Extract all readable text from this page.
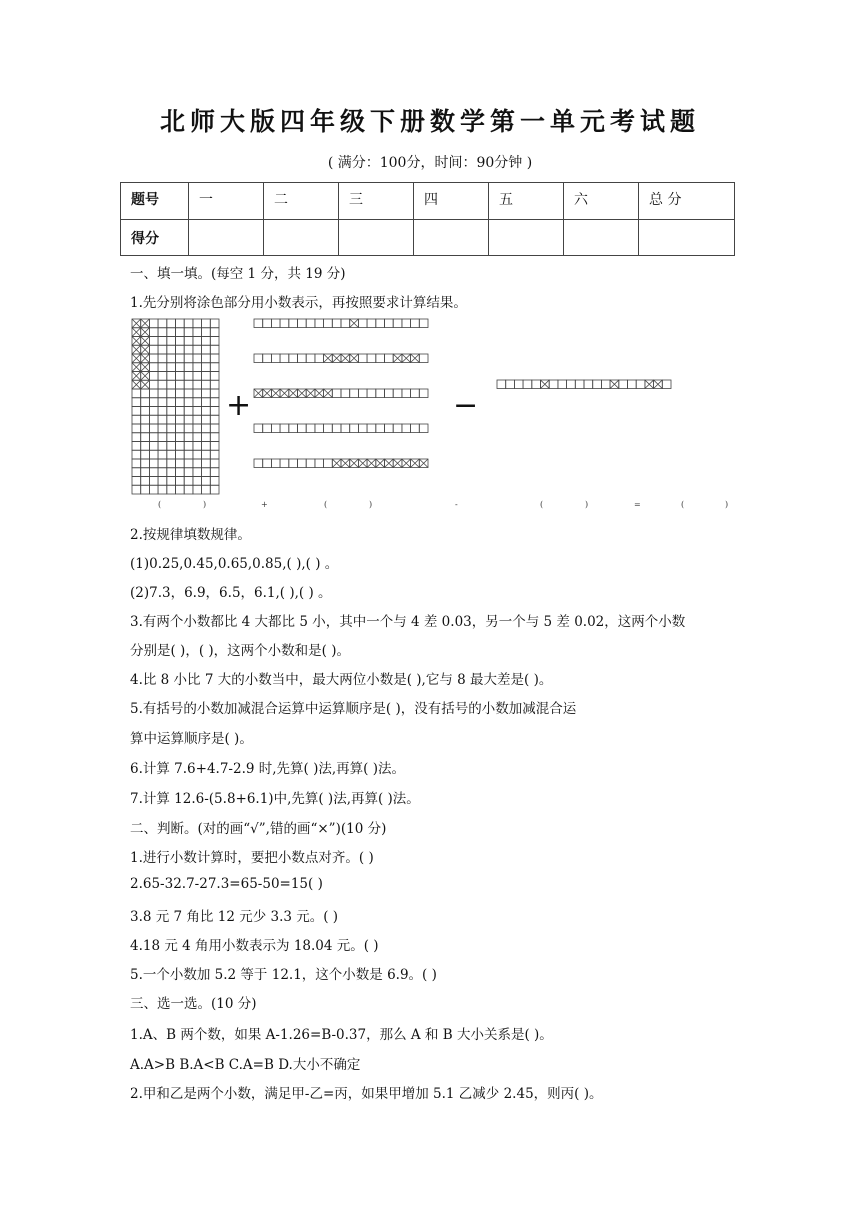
北师大版四年级下册数学第一单元考试题
( 满分：100分，时间：90分钟 )
题号	一	二	三	四	五	六	总 分
得分							
一、填一填。(每空 1 分，共 19 分)
1.先分别将涂色部分用小数表示，再按照要求计算结果。
+	−
(	)	+	(	)	-	(	)	=	(	)
2.按规律填数规律。
(1)0.25,0.45,0.65,0.85,( ),( ) 。
(2)7.3，6.9，6.5，6.1,( ),( ) 。
3.有两个小数都比 4 大都比 5 小，其中一个与 4 差 0.03，另一个与 5 差 0.02，这两个小数
分别是( )，( )，这两个小数和是( )。
4.比 8 小比 7 大的小数当中，最大两位小数是( ),它与 8 最大差是( )。
5.有括号的小数加减混合运算中运算顺序是( )，没有括号的小数加减混合运
算中运算顺序是( )。
6.计算 7.6+4.7-2.9 时,先算( )法,再算( )法。
7.计算 12.6-(5.8+6.1)中,先算( )法,再算( )法。
二、判断。(对的画“√”,错的画“×”)(10 分)
1.进行小数计算时，要把小数点对齐。( )
2.65-32.7-27.3=65-50=15( )
3.8 元 7 角比 12 元少 3.3 元。( )
4.18 元 4 角用小数表示为 18.04 元。( )
5.一个小数加 5.2 等于 12.1，这个小数是 6.9。( )
三、选一选。(10 分)
1.A、B 两个数，如果 A-1.26=B-0.37，那么 A 和 B 大小关系是( )。
A.A>B B.A<B C.A=B D.大小不确定
2.甲和乙是两个小数，满足甲-乙=丙，如果甲增加 5.1 乙减少 2.45，则丙( )。
